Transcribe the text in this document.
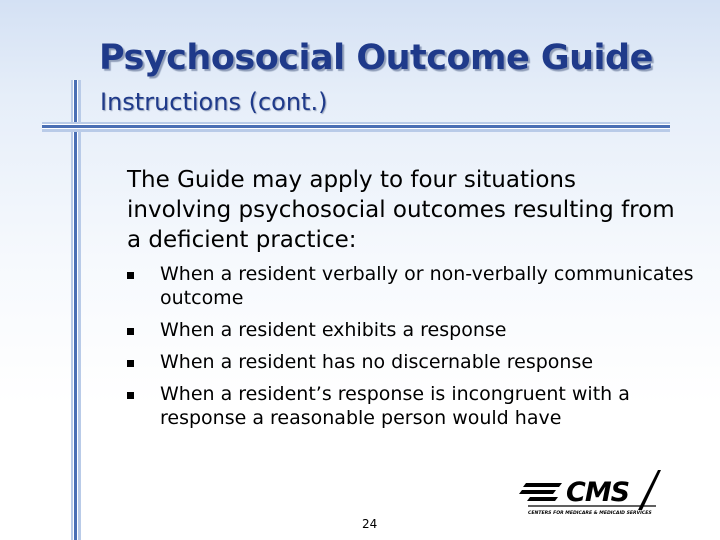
Psychosocial Outcome Guide
Instructions (cont.)

The Guide may apply to four situations involving psychosocial outcomes resulting from a deficient practice:

When a resident verbally or non-verbally communicates outcome
When a resident exhibits a response
When a resident has no discernable response
When a resident’s response is incongruent with a response a reasonable person would have
24
CMS
CENTERS FOR MEDICARE & MEDICAID SERVICES
